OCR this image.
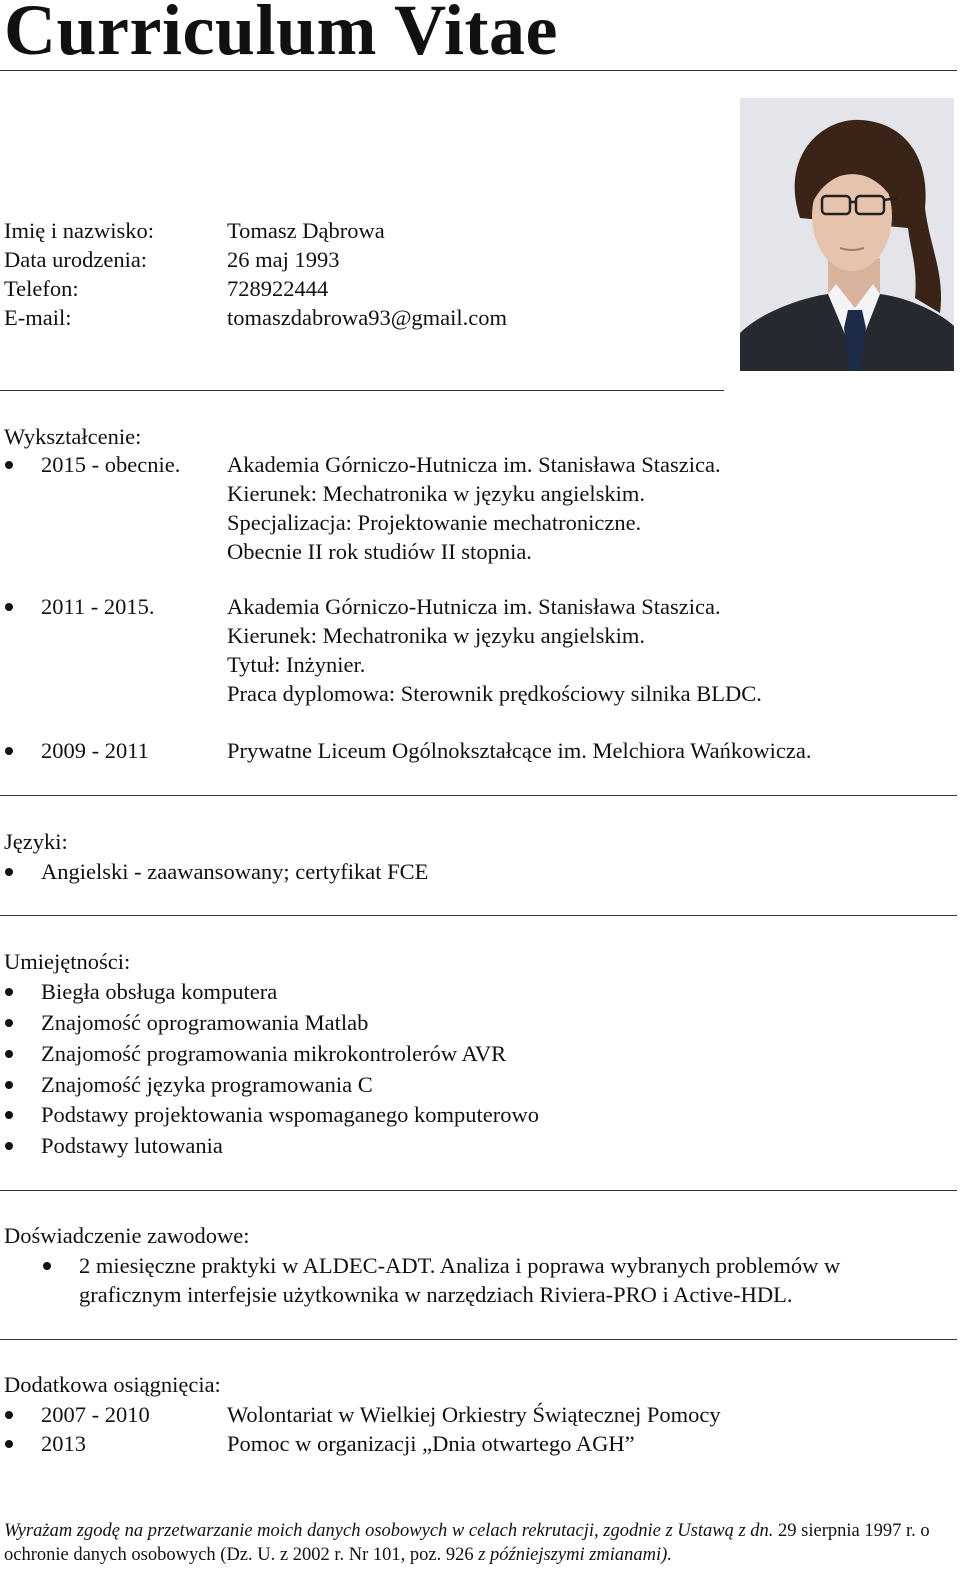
Curriculum Vitae
Imię i nazwisko:	Tomasz Dąbrowa
Data urodzenia:	26 maj 1993
Telefon:	728922444
E-mail:	tomaszdabrowa93@gmail.com
Wykształcenie:
2015 - obecnie. Akademia Górniczo-Hutnicza im. Stanisława Staszica.
Kierunek: Mechatronika w języku angielskim.
Specjalizacja: Projektowanie mechatroniczne.
Obecnie II rok studiów II stopnia.
2011 - 2015.	Akademia Górniczo-Hutnicza im. Stanisława Staszica.
Kierunek: Mechatronika w języku angielskim.
Tytuł: Inżynier.
Praca dyplomowa: Sterownik prędkościowy silnika BLDC.
2009 - 2011	Prywatne Liceum Ogólnokształcące im. Melchiora Wańkowicza.
Języki:
Angielski - zaawansowany; certyfikat FCE
Umiejętności:
Biegła obsługa komputera
Znajomość oprogramowania Matlab
Znajomość programowania mikrokontrolerów AVR
Znajomość języka programowania C
Podstawy projektowania wspomaganego komputerowo
Podstawy lutowania
Doświadczenie zawodowe:
2 miesięczne praktyki w ALDEC-ADT. Analiza i poprawa wybranych problemów w
graficznym interfejsie użytkownika w narzędziach Riviera-PRO i Active-HDL.
Dodatkowa osiągnięcia:
2007 - 2010	Wolontariat w Wielkiej Orkiestry Świątecznej Pomocy
2013	Pomoc w organizacji „Dnia otwartego AGH”
Wyrażam zgodę na przetwarzanie moich danych osobowych w celach rekrutacji, zgodnie z Ustawą z dn. 29 sierpnia 1997 r. o ochronie danych osobowych (Dz. U. z 2002 r. Nr 101, poz. 926 z późniejszymi zmianami).
